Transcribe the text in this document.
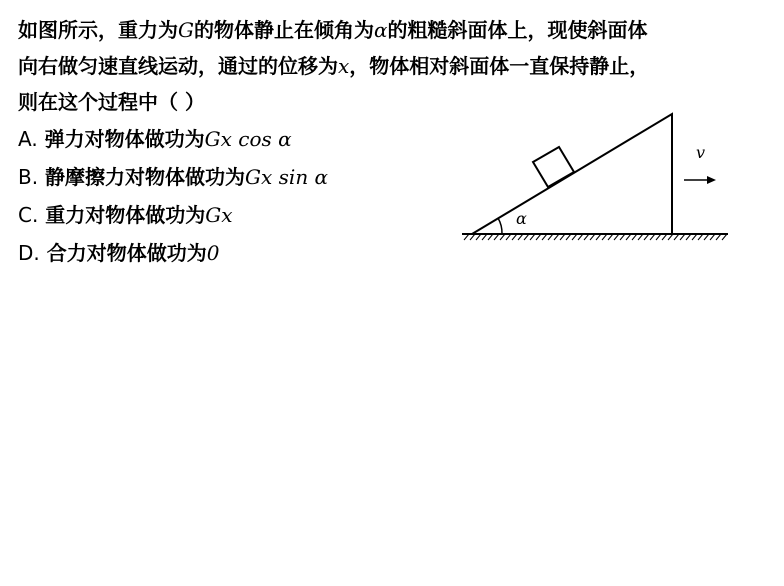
如图所示，重力为G的物体静止在倾角为α的粗糙斜面体上，现使斜面体
向右做匀速直线运动，通过的位移为x，物体相对斜面体一直保持静止，
则在这个过程中（ ）
A. 弹力对物体做功为Gx cos α
B. 静摩擦力对物体做功为Gx sin α
C. 重力对物体做功为Gx
D. 合力对物体做功为0
α
v
